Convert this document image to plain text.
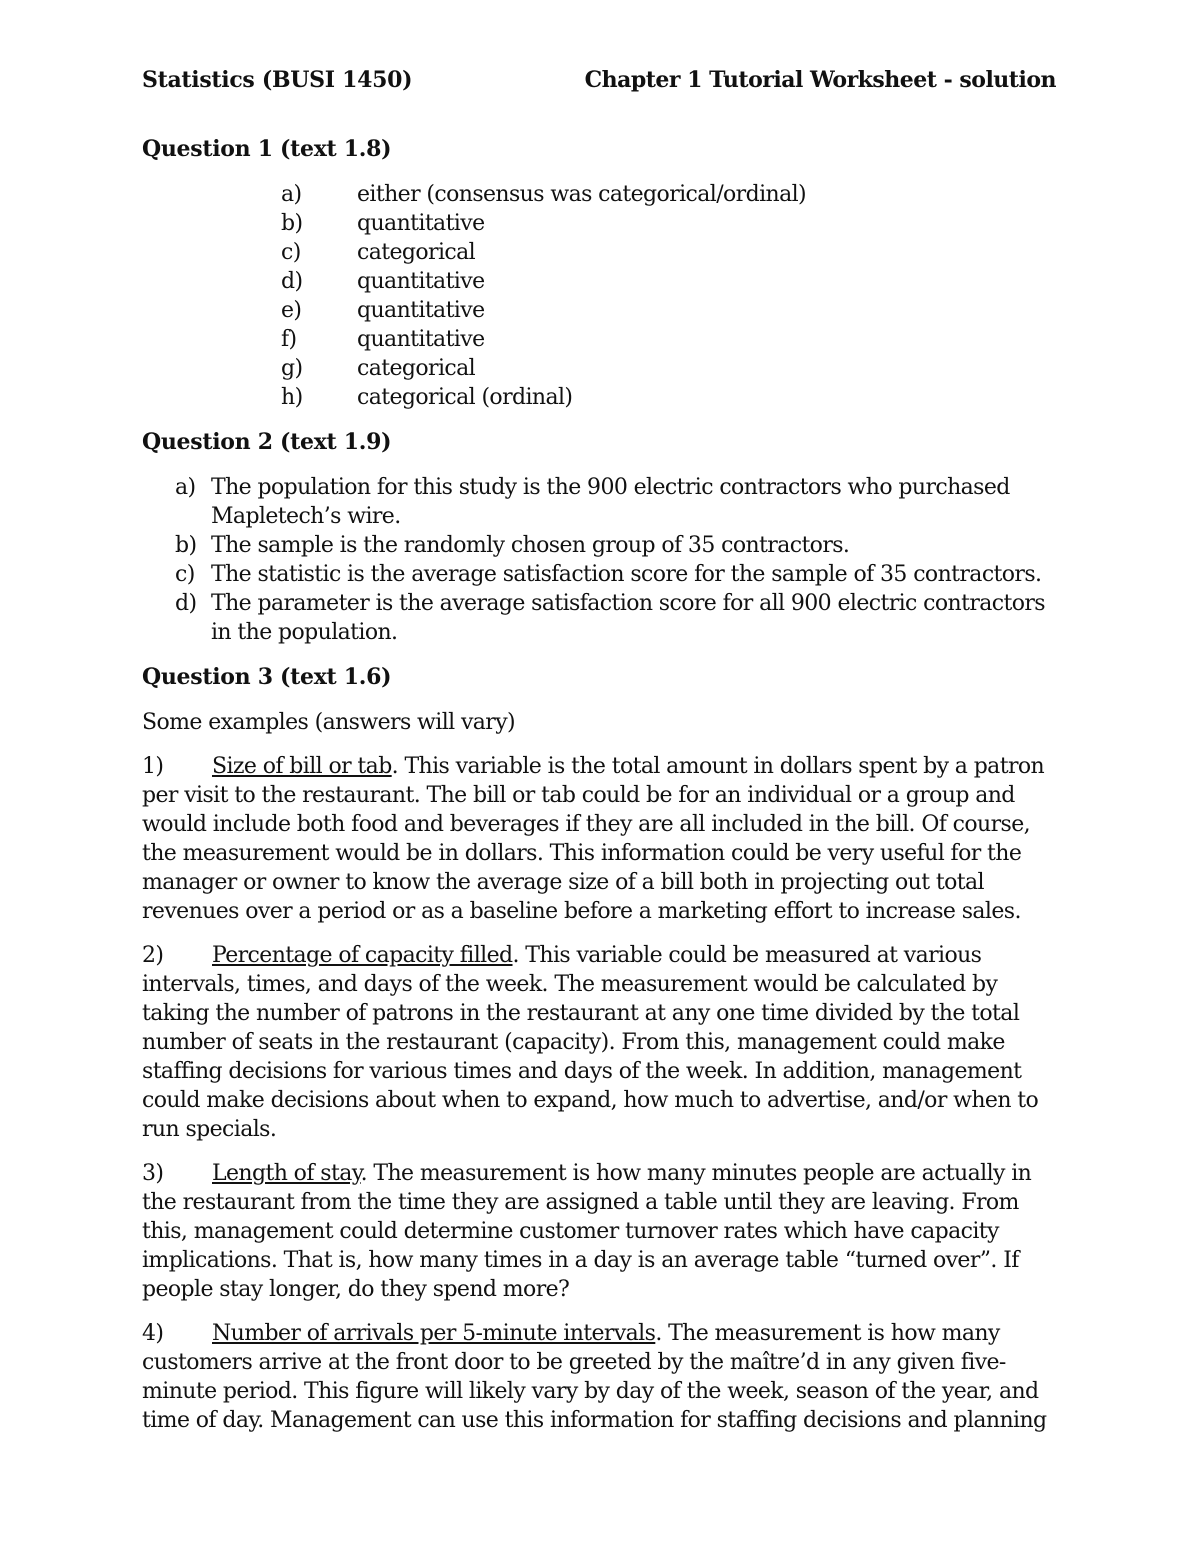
Statistics (BUSI 1450)	Chapter 1 Tutorial Worksheet - solution
Question 1 (text 1.8)
a)	either (consensus was categorical/ordinal)
b)	quantitative
c)	categorical
d)	quantitative
e)	quantitative
f)	quantitative
g)	categorical
h)	categorical (ordinal)
Question 2 (text 1.9)
a) The population for this study is the 900 electric contractors who purchased Mapletech’s wire.
b) The sample is the randomly chosen group of 35 contractors.
c) The statistic is the average satisfaction score for the sample of 35 contractors.
d) The parameter is the average satisfaction score for all 900 electric contractors in the population.
Question 3 (text 1.6)
Some examples (answers will vary)
1) Size of bill or tab. This variable is the total amount in dollars spent by a patron per visit to the restaurant. The bill or tab could be for an individual or a group and would include both food and beverages if they are all included in the bill. Of course, the measurement would be in dollars. This information could be very useful for the manager or owner to know the average size of a bill both in projecting out total revenues over a period or as a baseline before a marketing effort to increase sales.
2) Percentage of capacity filled. This variable could be measured at various intervals, times, and days of the week. The measurement would be calculated by taking the number of patrons in the restaurant at any one time divided by the total number of seats in the restaurant (capacity). From this, management could make staffing decisions for various times and days of the week. In addition, management could make decisions about when to expand, how much to advertise, and/or when to run specials.
3) Length of stay. The measurement is how many minutes people are actually in the restaurant from the time they are assigned a table until they are leaving. From this, management could determine customer turnover rates which have capacity implications. That is, how many times in a day is an average table “turned over”. If people stay longer, do they spend more?
4) Number of arrivals per 5-minute intervals. The measurement is how many customers arrive at the front door to be greeted by the maître’d in any given five-minute period. This figure will likely vary by day of the week, season of the year, and time of day. Management can use this information for staffing decisions and planning
